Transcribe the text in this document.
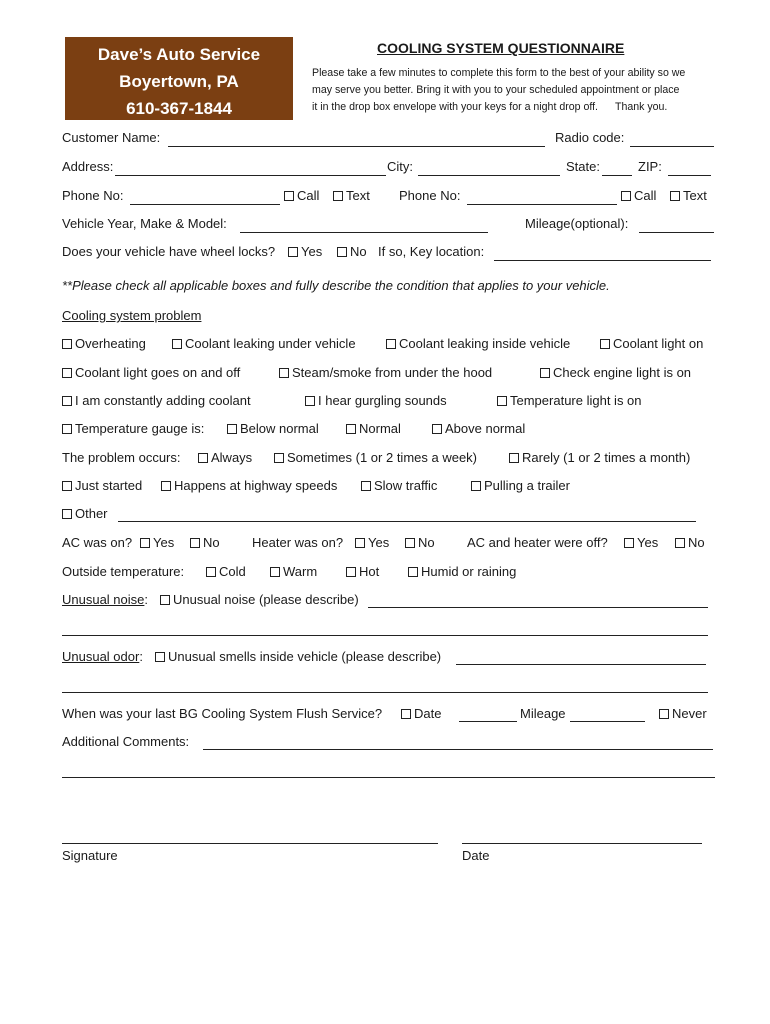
Dave’s Auto Service
Boyertown, PA
610-367-1844
COOLING SYSTEM QUESTIONNAIRE
Please take a few minutes to complete this form to the best of your ability so we
may serve you better. Bring it with you to your scheduled appointment or place
it in the drop box envelope with your keys for a night drop off. Thank you.
Customer Name:	Radio code:
Address:	City:	State:	ZIP:
Phone No:	Call	Text Phone No:	Call	Text
Vehicle Year, Make & Model:	Mileage(optional):
Does your vehicle have wheel locks?	Yes	No If so, Key location:
**Please check all applicable boxes and fully describe the condition that applies to your vehicle.
Cooling system problem
Overheating	Coolant leaking under vehicle	Coolant leaking inside vehicle	Coolant light on
Coolant light goes on and off	Steam/smoke from under the hood	Check engine light is on
I am constantly adding coolant	I hear gurgling sounds	Temperature light is on
Temperature gauge is:	Below normal	Normal	Above normal
The problem occurs:	Always	Sometimes (1 or 2 times a week)	Rarely (1 or 2 times a month)
Just started	Happens at highway speeds	Slow traffic	Pulling a trailer
Other
AC was on?	Yes	No Heater was on?	Yes	No AC and heater were off?	Yes	No
Outside temperature:	Cold	Warm	Hot	Humid or raining
Unusual noise:	Unusual noise (please describe)
Unusual odor:	Unusual smells inside vehicle (please describe)
When was your last BG Cooling System Flush Service?	Date	Mileage	Never
Additional Comments:
Signature	Date
